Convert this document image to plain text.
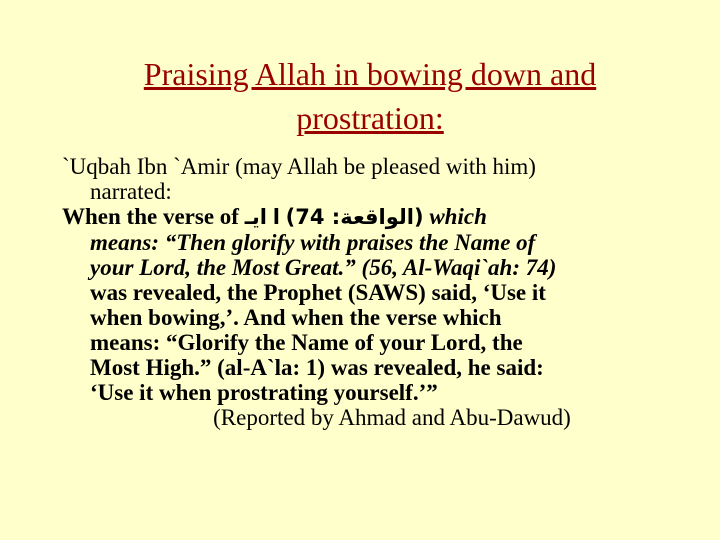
Praising Allah in bowing down and
prostration:
`Uqbah Ibn `Amir (may Allah be pleased with him)
narrated:
When the verse of ايـ ا (الواقعة: 74) which
means: “Then glorify with praises the Name of
your Lord, the Most Great.” (56, Al-Waqi`ah: 74)
was revealed, the Prophet (SAWS) said, ‘Use it
when bowing,’. And when the verse which
means: “Glorify the Name of your Lord, the
Most High.” (al-A`la: 1) was revealed, he said:
‘Use it when prostrating yourself.’”
(Reported by Ahmad and Abu-Dawud)
